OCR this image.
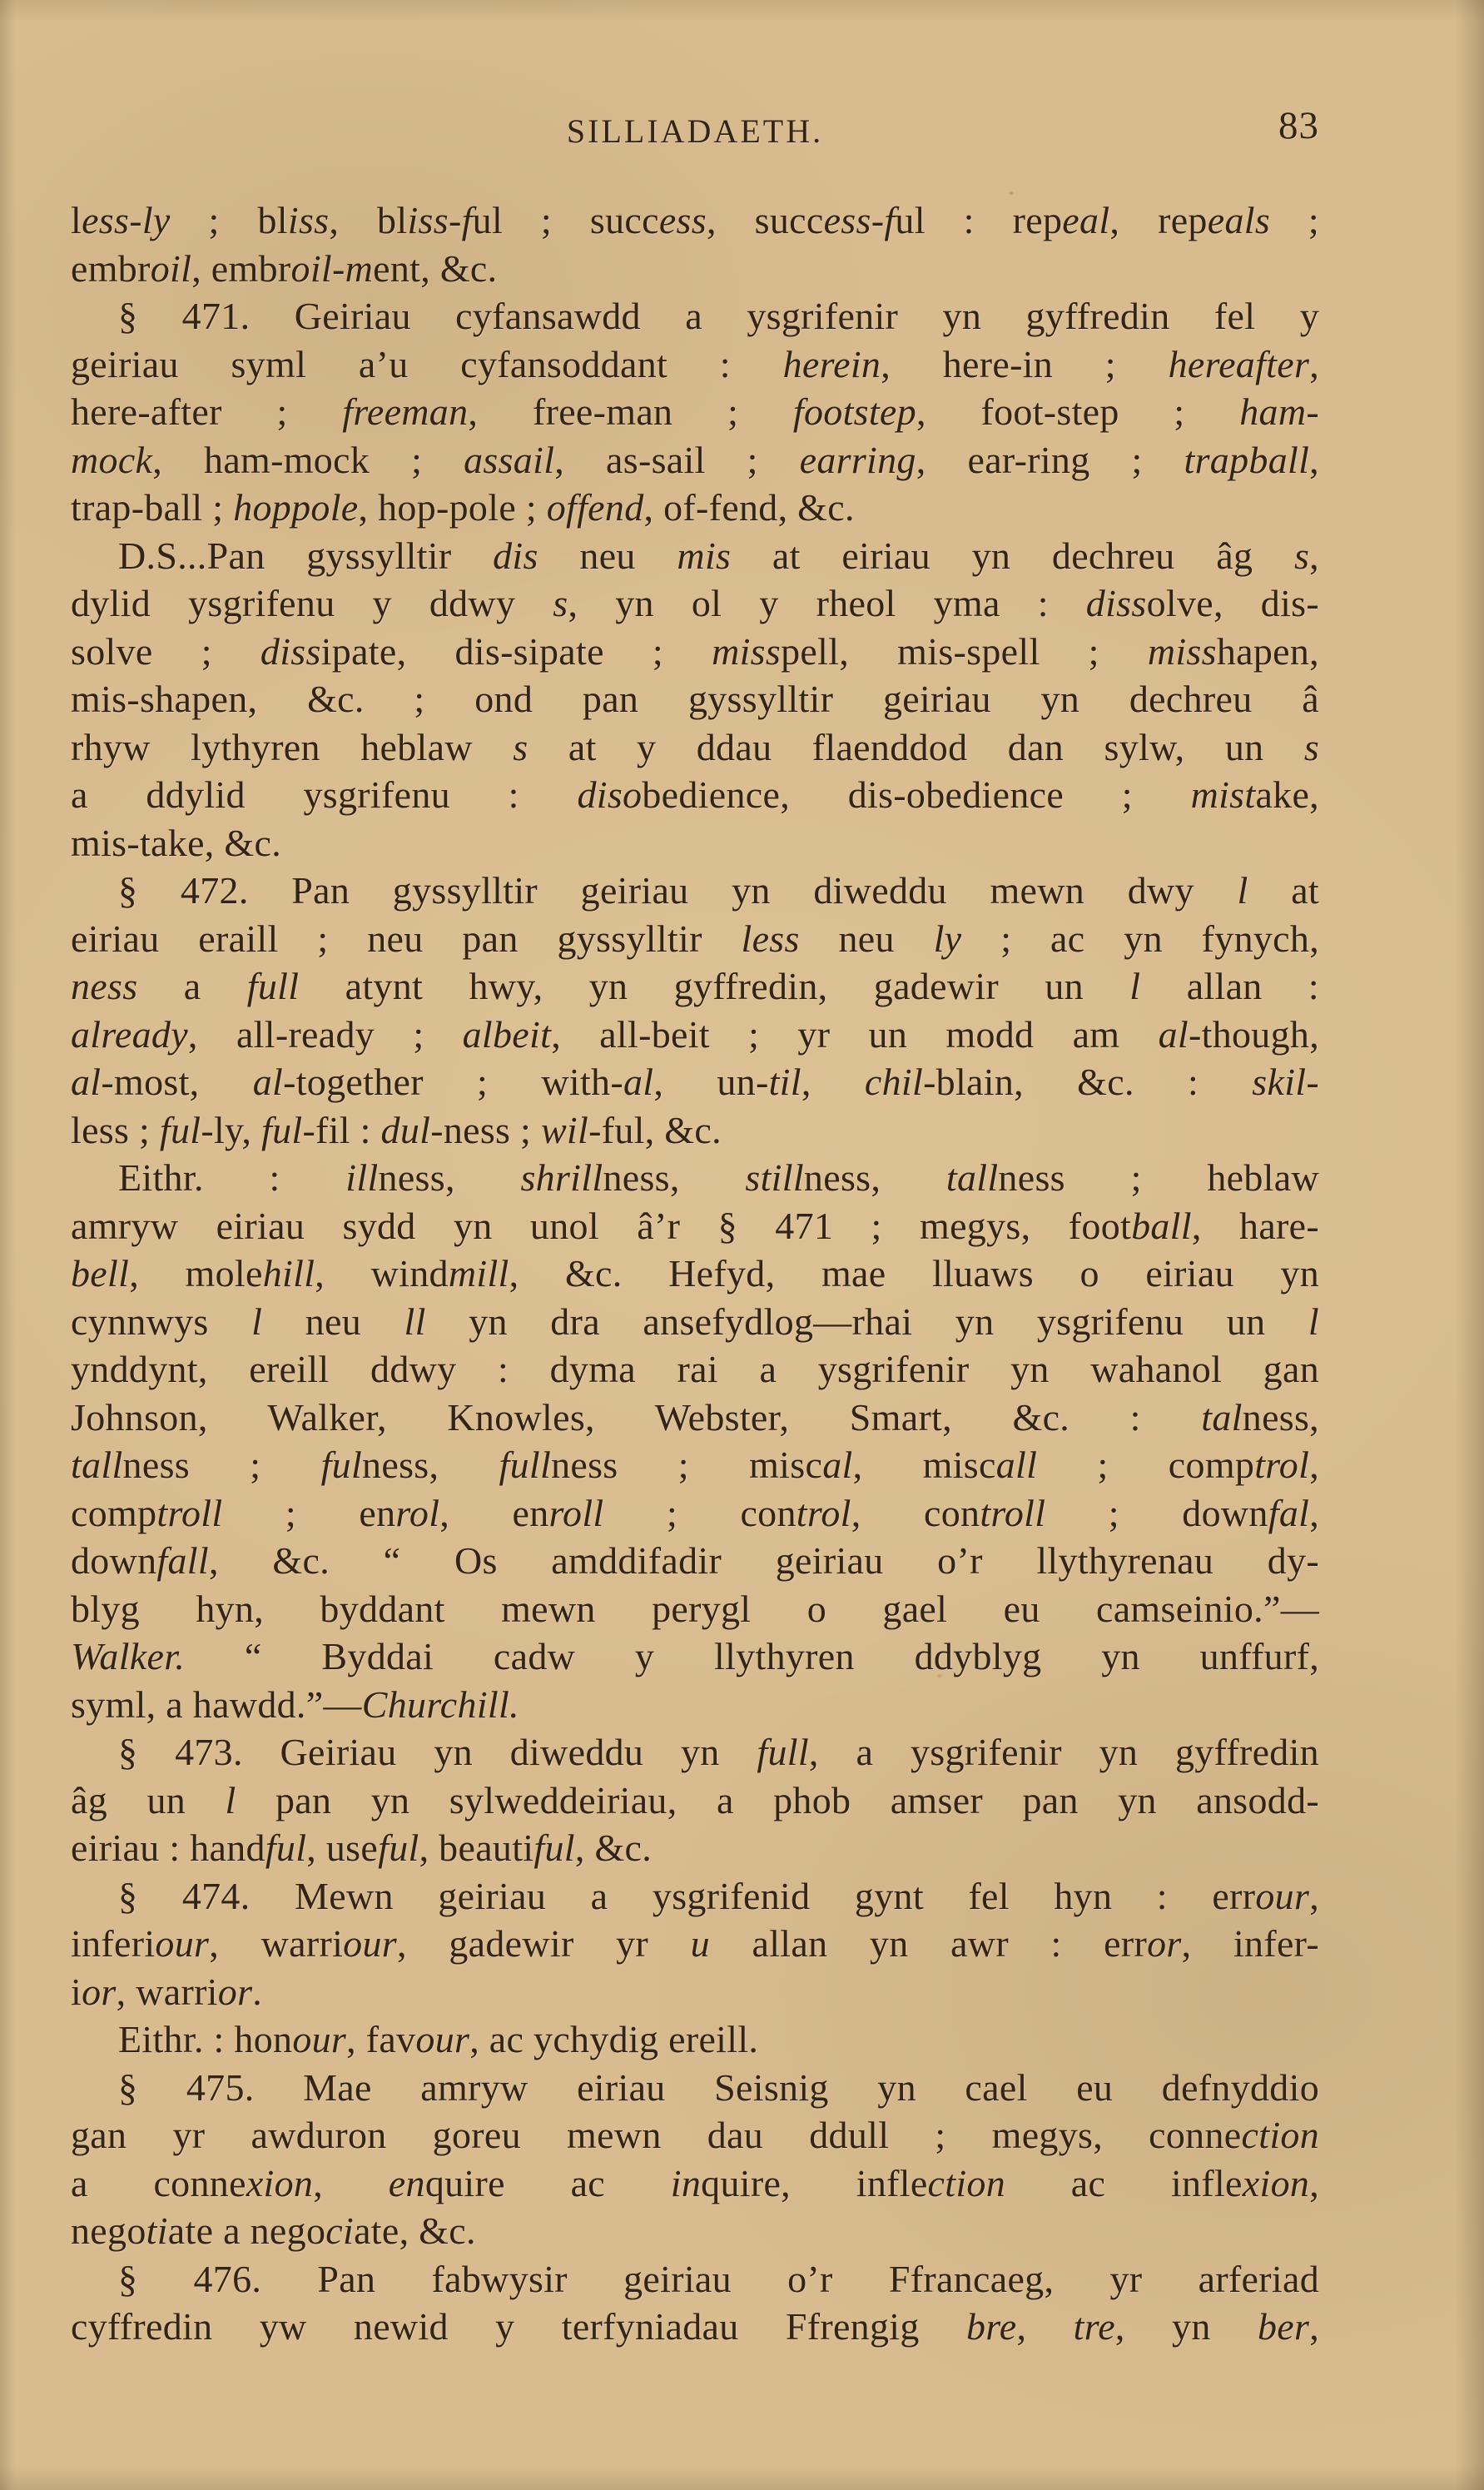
SILLIADAETH.	83
less-ly ; bliss, bliss-ful ; success, success-ful : repeal, repeals ;
embroil, embroil-ment, &c.
§ 471. Geiriau cyfansawdd a ysgrifenir yn gyffredin fel y
geiriau syml a’u cyfansoddant : herein, here-in ; hereafter,
here-after ; freeman, free-man ; footstep, foot-step ; ham-
mock, ham-mock ; assail, as-sail ; earring, ear-ring ; trapball,
trap-ball ; hoppole, hop-pole ; offend, of-fend, &c.
D.S...Pan gyssylltir dis neu mis at eiriau yn dechreu âg s,
dylid ysgrifenu y ddwy s, yn ol y rheol yma : dissolve, dis-
solve ; dissipate, dis-sipate ; misspell, mis-spell ; misshapen,
mis-shapen, &c. ; ond pan gyssylltir geiriau yn dechreu â
rhyw lythyren heblaw s at y ddau flaenddod dan sylw, un s
a ddylid ysgrifenu : disobedience, dis-obedience ; mistake,
mis-take, &c.
§ 472. Pan gyssylltir geiriau yn diweddu mewn dwy l at
eiriau eraill ; neu pan gyssylltir less neu ly ; ac yn fynych,
ness a full atynt hwy, yn gyffredin, gadewir un l allan :
already, all-ready ; albeit, all-beit ; yr un modd am al-though,
al-most, al-together ; with-al, un-til, chil-blain, &c. : skil-
less ; ful-ly, ful-fil : dul-ness ; wil-ful, &c.
Eithr. : illness, shrillness, stillness, tallness ; heblaw
amryw eiriau sydd yn unol â’r § 471 ; megys, football, hare-
bell, molehill, windmill, &c. Hefyd, mae lluaws o eiriau yn
cynnwys l neu ll yn dra ansefydlog—rhai yn ysgrifenu un l
ynddynt, ereill ddwy : dyma rai a ysgrifenir yn wahanol gan
Johnson, Walker, Knowles, Webster, Smart, &c. : talness,
tallness ; fulness, fullness ; miscal, miscall ; comptrol,
comptroll ; enrol, enroll ; control, controll ; downfal,
downfall, &c. “ Os amddifadir geiriau o’r llythyrenau dy-
blyg hyn, byddant mewn perygl o gael eu camseinio.”—
Walker. “ Byddai cadw y llythyren ddyblyg yn unffurf,
syml, a hawdd.”—Churchill.
§ 473. Geiriau yn diweddu yn full, a ysgrifenir yn gyffredin
âg un l pan yn sylweddeiriau, a phob amser pan yn ansodd-
eiriau : handful, useful, beautiful, &c.
§ 474. Mewn geiriau a ysgrifenid gynt fel hyn : errour,
inferiour, warriour, gadewir yr u allan yn awr : error, infer-
ior, warrior.
Eithr. : honour, favour, ac ychydig ereill.
§ 475. Mae amryw eiriau Seisnig yn cael eu defnyddio
gan yr awduron goreu mewn dau ddull ; megys, connection
a connexion, enquire ac inquire, inflection ac inflexion,
negotiate a negociate, &c.
§ 476. Pan fabwysir geiriau o’r Ffrancaeg, yr arferiad
cyffredin yw newid y terfyniadau Ffrengig bre, tre, yn ber,
